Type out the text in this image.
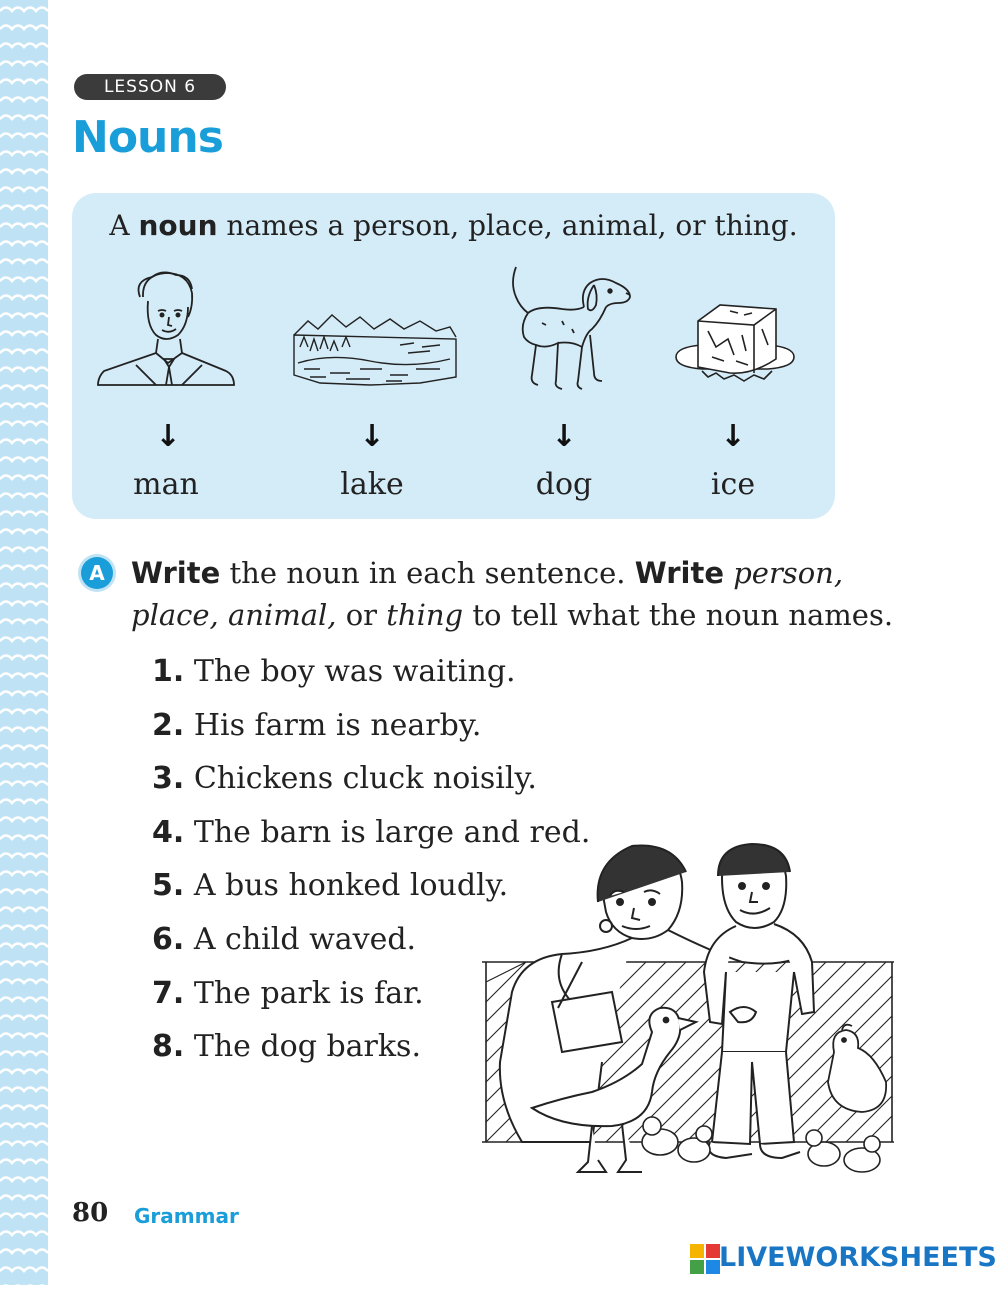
LESSON 6
Nouns
A noun names a person, place, animal, or thing.
↓	↓	↓	↓
man	lake	dog	ice
A Write the noun in each sentence. Write person,
place, animal, or thing to tell what the noun names.
1. The boy was waiting.
2. His farm is nearby.
3. Chickens cluck noisily.
4. The barn is large and red.
5. A bus honked loudly.
6. A child waved.
7. The park is far.
8. The dog barks.
80 Grammar
LIVEWORKSHEETS
